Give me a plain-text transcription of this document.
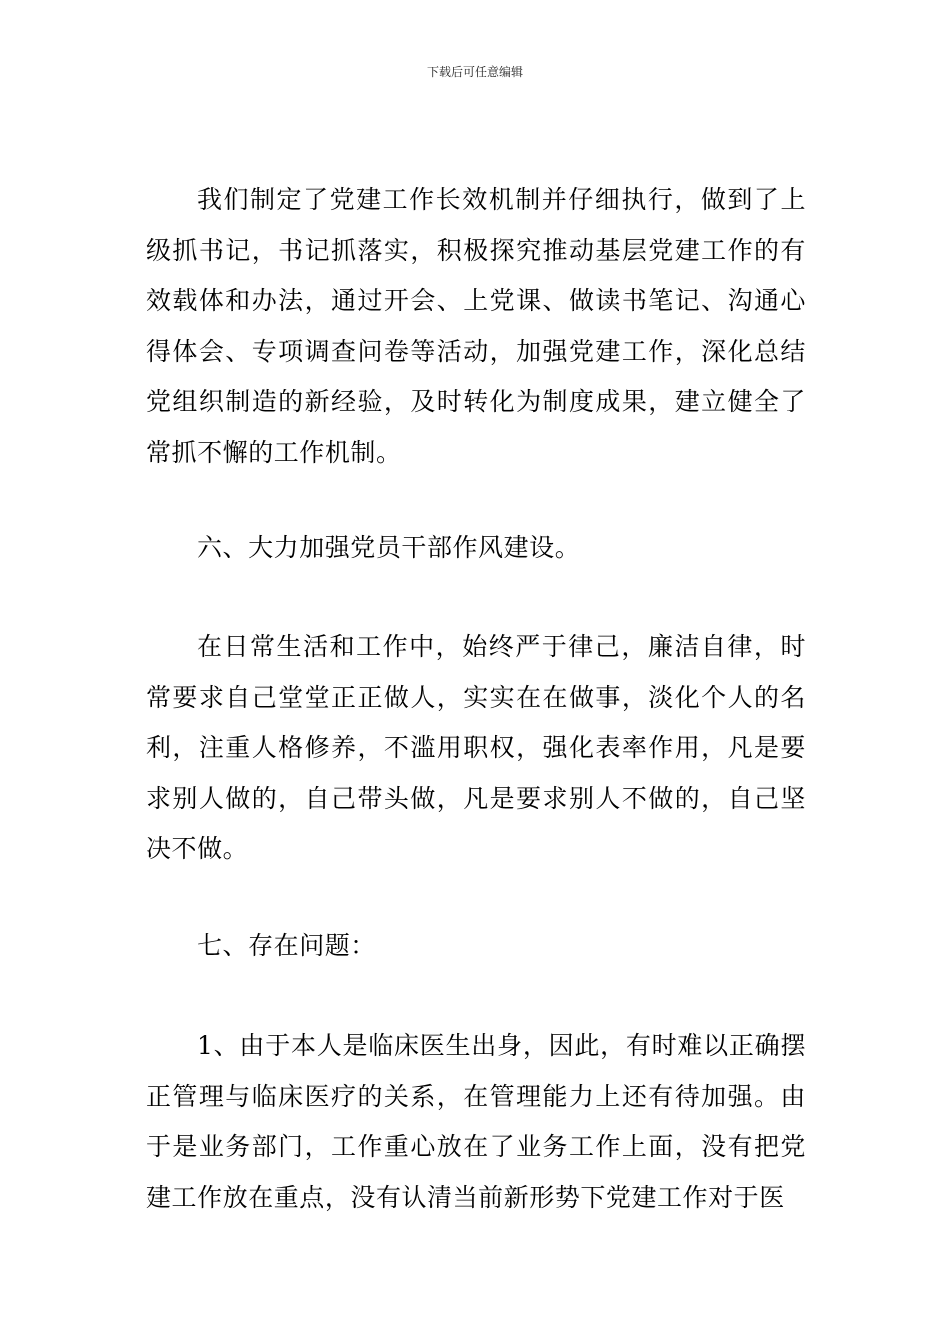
下载后可任意编辑

我们制定了党建工作长效机制并仔细执行，做到了上级抓书记，书记抓落实，积极探究推动基层党建工作的有效载体和办法，通过开会、上党课、做读书笔记、沟通心得体会、专项调查问卷等活动，加强党建工作，深化总结党组织制造的新经验，及时转化为制度成果，建立健全了常抓不懈的工作机制。

六、大力加强党员干部作风建设。

在日常生活和工作中，始终严于律己，廉洁自律，时常要求自己堂堂正正做人，实实在在做事，淡化个人的名利，注重人格修养，不滥用职权，强化表率作用，凡是要求别人做的，自己带头做，凡是要求别人不做的，自己坚决不做。

七、存在问题：

1、由于本人是临床医生出身，因此，有时难以正确摆正管理与临床医疗的关系，在管理能力上还有待加强。由于是业务部门，工作重心放在了业务工作上面，没有把党建工作放在重点，没有认清当前新形势下党建工作对于医
